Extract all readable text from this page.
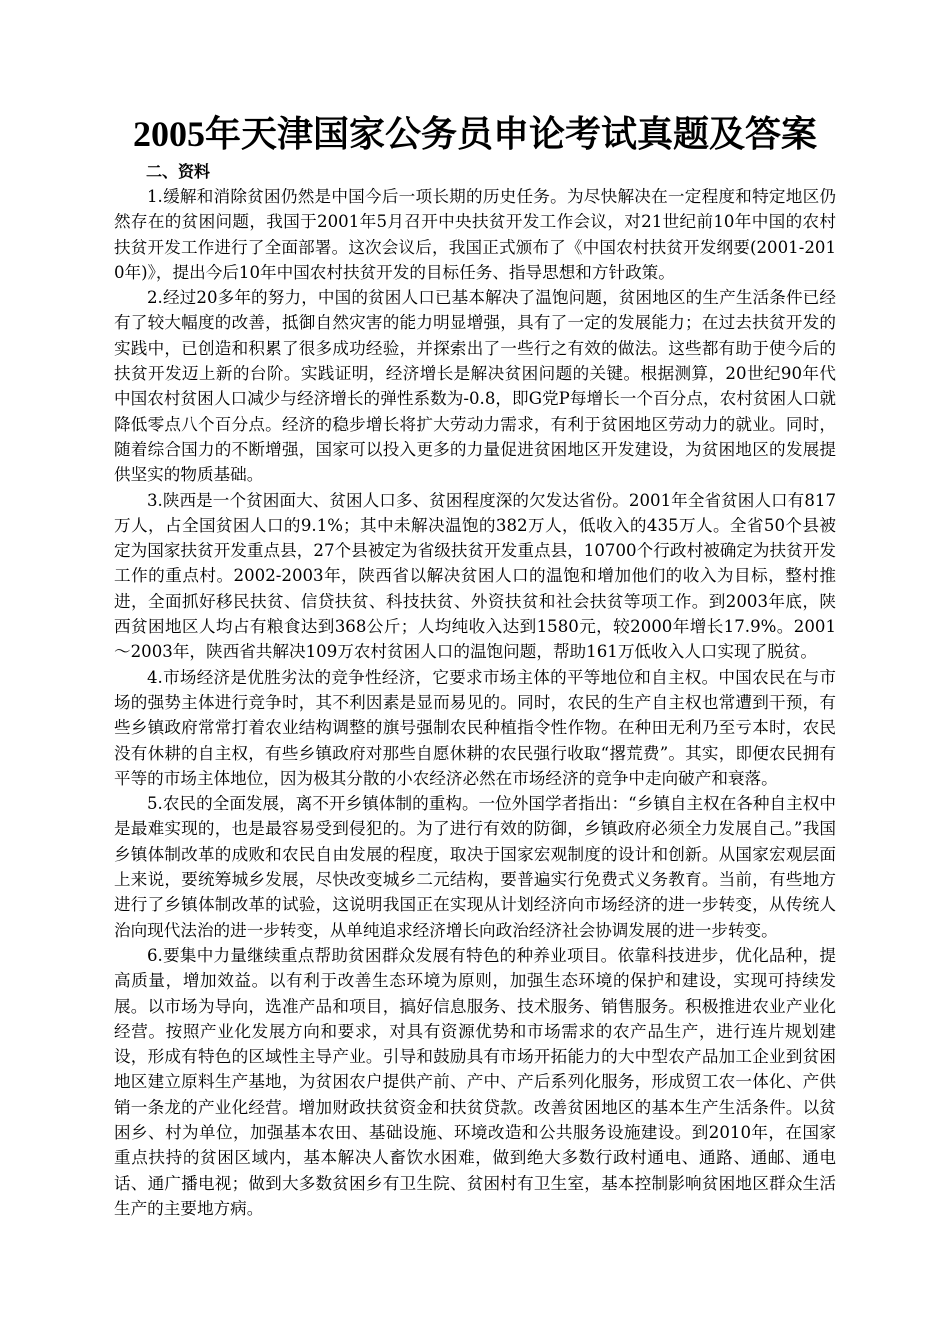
2005年天津国家公务员申论考试真题及答案
二、资料

1.缓解和消除贫困仍然是中国今后一项长期的历史任务。为尽快解决在一定程度和特定地区仍然存在的贫困问题，我国于2001年5月召开中央扶贫开发工作会议，对21世纪前10年中国的农村扶贫开发工作进行了全面部署。这次会议后，我国正式颁布了《中国农村扶贫开发纲要(2001-2010年)》，提出今后10年中国农村扶贫开发的目标任务、指导思想和方针政策。

2.经过20多年的努力，中国的贫困人口已基本解决了温饱问题，贫困地区的生产生活条件已经有了较大幅度的改善，抵御自然灾害的能力明显增强，具有了一定的发展能力；在过去扶贫开发的实践中，已创造和积累了很多成功经验，并探索出了一些行之有效的做法。这些都有助于使今后的扶贫开发迈上新的台阶。实践证明，经济增长是解决贫困问题的关键。根据测算，20世纪90年代中国农村贫困人口减少与经济增长的弹性系数为-0.8，即G党P每增长一个百分点，农村贫困人口就降低零点八个百分点。经济的稳步增长将扩大劳动力需求，有利于贫困地区劳动力的就业。同时，随着综合国力的不断增强，国家可以投入更多的力量促进贫困地区开发建设，为贫困地区的发展提供坚实的物质基础。

3.陕西是一个贫困面大、贫困人口多、贫困程度深的欠发达省份。2001年全省贫困人口有817万人，占全国贫困人口的9.1%；其中未解决温饱的382万人，低收入的435万人。全省50个县被定为国家扶贫开发重点县，27个县被定为省级扶贫开发重点县，10700个行政村被确定为扶贫开发工作的重点村。2002-2003年，陕西省以解决贫困人口的温饱和增加他们的收入为目标，整村推进，全面抓好移民扶贫、信贷扶贫、科技扶贫、外资扶贫和社会扶贫等项工作。到2003年底，陕西贫困地区人均占有粮食达到368公斤；人均纯收入达到1580元，较2000年增长17.9%。2001～2003年，陕西省共解决109万农村贫困人口的温饱问题，帮助161万低收入人口实现了脱贫。

4.市场经济是优胜劣汰的竞争性经济，它要求市场主体的平等地位和自主权。中国农民在与市场的强势主体进行竞争时，其不利因素是显而易见的。同时，农民的生产自主权也常遭到干预，有些乡镇政府常常打着农业结构调整的旗号强制农民种植指令性作物。在种田无利乃至亏本时，农民没有休耕的自主权，有些乡镇政府对那些自愿休耕的农民强行收取“撂荒费”。其实，即便农民拥有平等的市场主体地位，因为极其分散的小农经济必然在市场经济的竞争中走向破产和衰落。

5.农民的全面发展，离不开乡镇体制的重构。一位外国学者指出：“乡镇自主权在各种自主权中是最难实现的，也是最容易受到侵犯的。为了进行有效的防御，乡镇政府必须全力发展自己。”我国乡镇体制改革的成败和农民自由发展的程度，取决于国家宏观制度的设计和创新。从国家宏观层面上来说，要统筹城乡发展，尽快改变城乡二元结构，要普遍实行免费式义务教育。当前，有些地方进行了乡镇体制改革的试验，这说明我国正在实现从计划经济向市场经济的进一步转变，从传统人治向现代法治的进一步转变，从单纯追求经济增长向政治经济社会协调发展的进一步转变。

6.要集中力量继续重点帮助贫困群众发展有特色的种养业项目。依靠科技进步，优化品种，提高质量，增加效益。以有利于改善生态环境为原则，加强生态环境的保护和建设，实现可持续发展。以市场为导向，选准产品和项目，搞好信息服务、技术服务、销售服务。积极推进农业产业化经营。按照产业化发展方向和要求，对具有资源优势和市场需求的农产品生产，进行连片规划建设，形成有特色的区域性主导产业。引导和鼓励具有市场开拓能力的大中型农产品加工企业到贫困地区建立原料生产基地，为贫困农户提供产前、产中、产后系列化服务，形成贸工农一体化、产供销一条龙的产业化经营。增加财政扶贫资金和扶贫贷款。改善贫困地区的基本生产生活条件。以贫困乡、村为单位，加强基本农田、基础设施、环境改造和公共服务设施建设。到2010年，在国家重点扶持的贫困区域内，基本解决人畜饮水困难，做到绝大多数行政村通电、通路、通邮、通电话、通广播电视；做到大多数贫困乡有卫生院、贫困村有卫生室，基本控制影响贫困地区群众生活生产的主要地方病。
